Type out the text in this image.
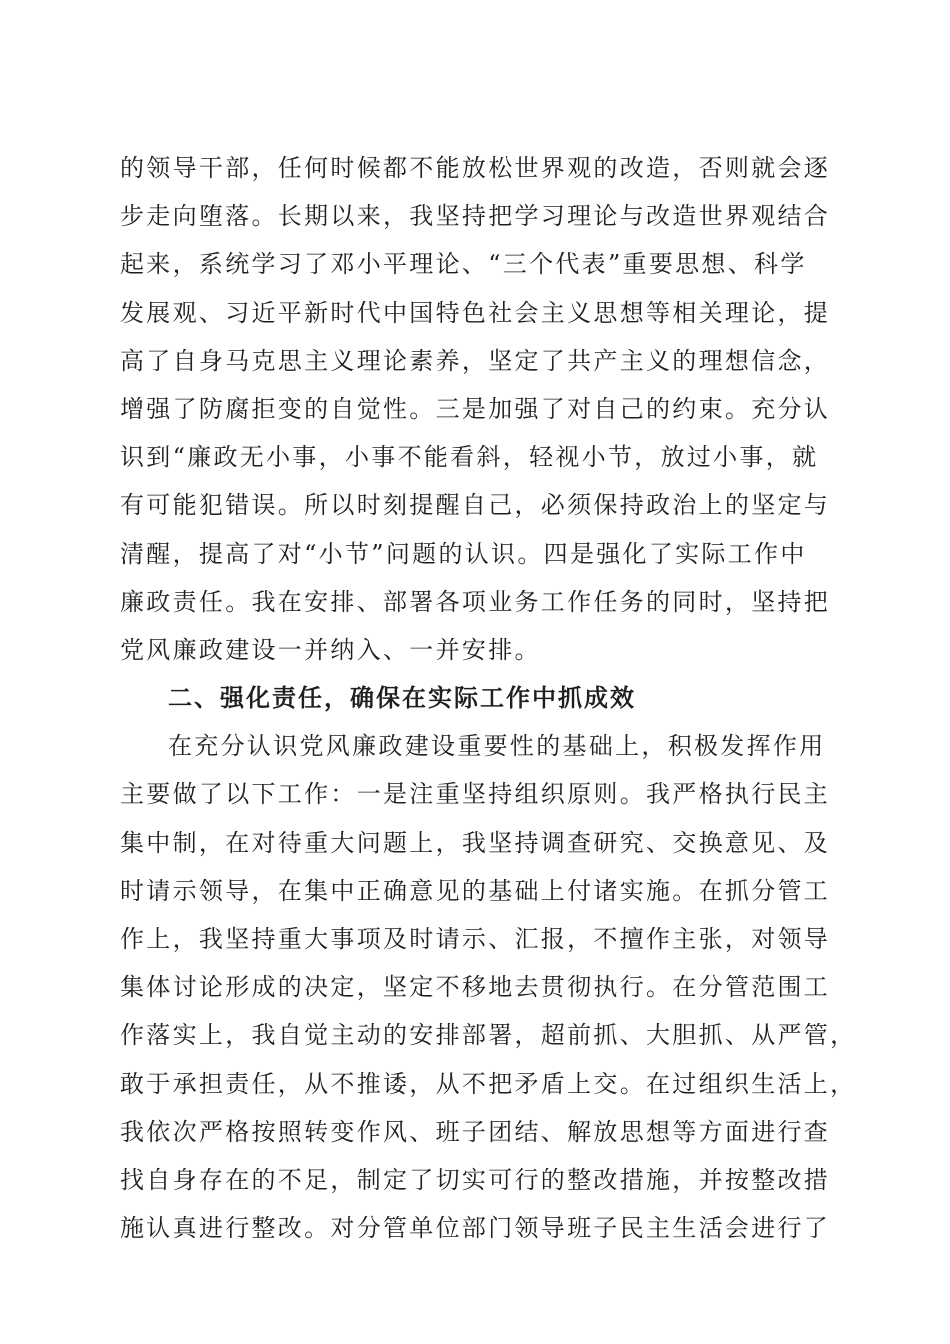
的领导干部，任何时候都不能放松世界观的改造，否则就会逐
步走向堕落。长期以来，我坚持把学习理论与改造世界观结合
起来，系统学习了邓小平理论、“三个代表”重要思想、科学
发展观、习近平新时代中国特色社会主义思想等相关理论，提
高了自身马克思主义理论素养，坚定了共产主义的理想信念，
增强了防腐拒变的自觉性。三是加强了对自己的约束。充分认
识到“廉政无小事，小事不能看斜，轻视小节，放过小事，就
有可能犯错误。所以时刻提醒自己，必须保持政治上的坚定与
清醒，提高了对“小节”问题的认识。四是强化了实际工作中
廉政责任。我在安排、部署各项业务工作任务的同时，坚持把
党风廉政建设一并纳入、一并安排。
二、强化责任，确保在实际工作中抓成效
在充分认识党风廉政建设重要性的基础上，积极发挥作用
主要做了以下工作：一是注重坚持组织原则。我严格执行民主
集中制，在对待重大问题上，我坚持调查研究、交换意见、及
时请示领导，在集中正确意见的基础上付诸实施。在抓分管工
作上，我坚持重大事项及时请示、汇报，不擅作主张，对领导
集体讨论形成的决定，坚定不移地去贯彻执行。在分管范围工
作落实上，我自觉主动的安排部署，超前抓、大胆抓、从严管，
敢于承担责任，从不推诿，从不把矛盾上交。在过组织生活上，
我依次严格按照转变作风、班子团结、解放思想等方面进行查
找自身存在的不足，制定了切实可行的整改措施，并按整改措
施认真进行整改。对分管单位部门领导班子民主生活会进行了
